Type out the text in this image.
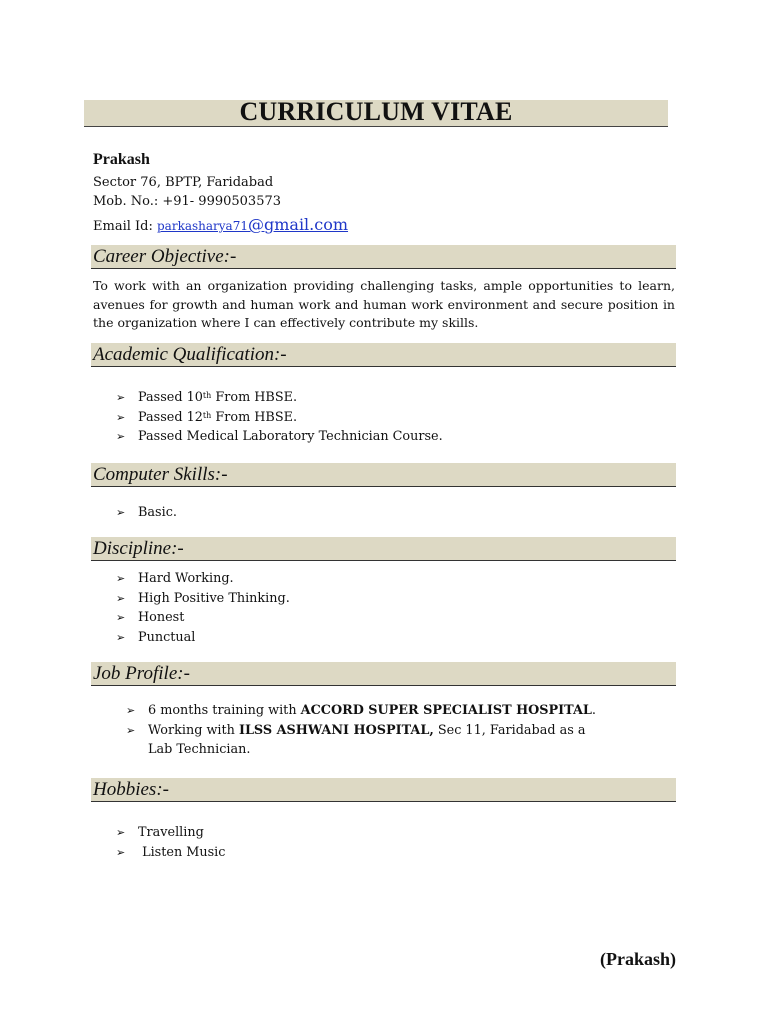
CURRICULUM VITAE
Prakash
Sector 76, BPTP, Faridabad
Mob. No.: +91- 9990503573
Email Id: parkasharya71@gmail.com
Career Objective:-
To work with an organization providing challenging tasks, ample opportunities to learn, avenues for growth and human work and human work environment and secure position in the organization where I can effectively contribute my skills.
Academic Qualification:-
➢ Passed 10th From HBSE.
➢ Passed 12th From HBSE.
➢ Passed Medical Laboratory Technician Course.
Computer Skills:-
➢ Basic.
Discipline:-
➢ Hard Working.
➢ High Positive Thinking.
➢ Honest
➢ Punctual
Job Profile:-
➢ 6 months training with ACCORD SUPER SPECIALIST HOSPITAL.
➢ Working with ILSS ASHWANI HOSPITAL, Sec 11, Faridabad as a
Lab Technician.
Hobbies:-
➢ Travelling
➢ Listen Music
(Prakash)
